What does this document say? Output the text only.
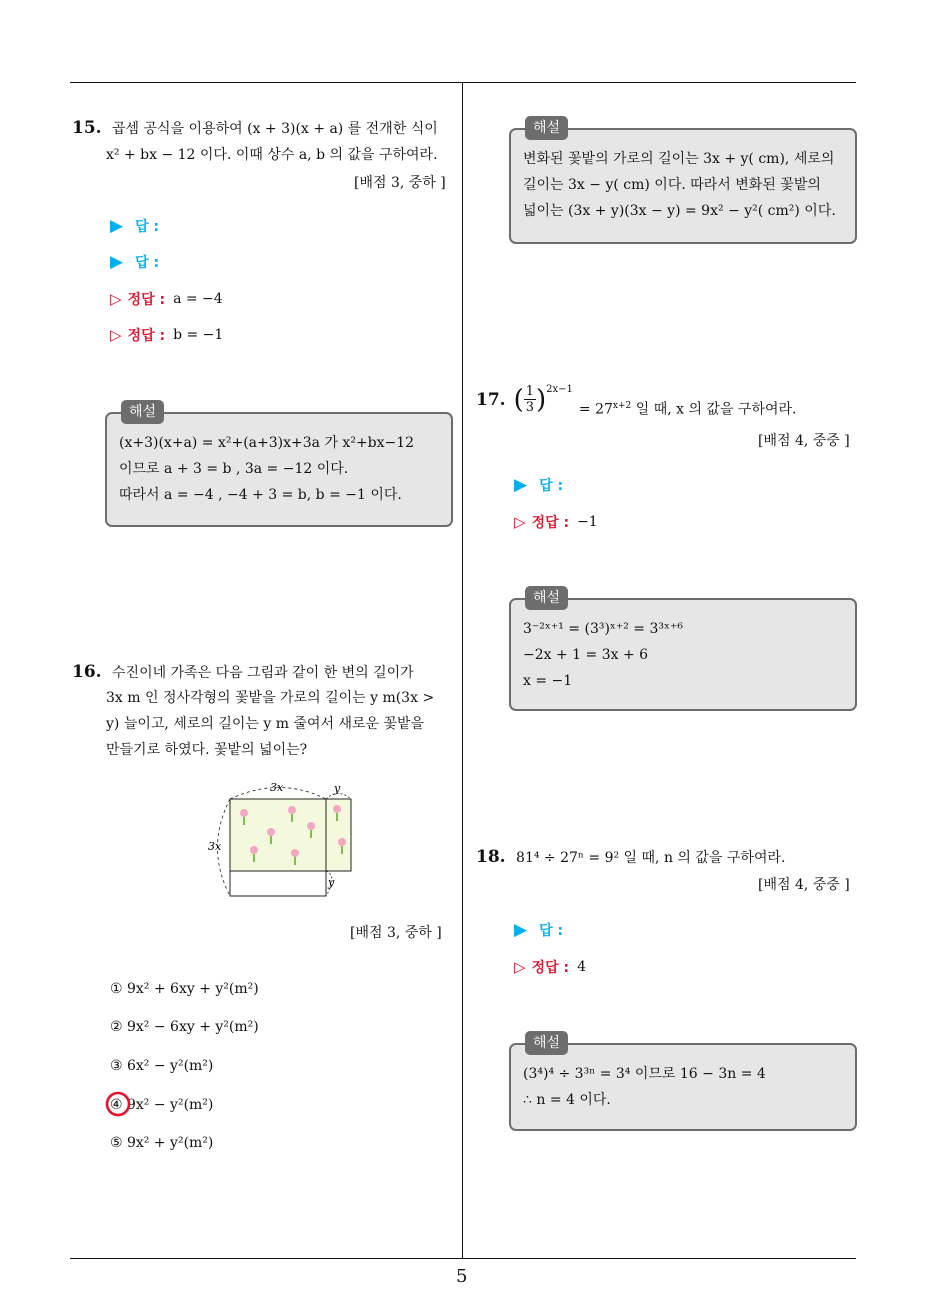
5
15. 곱셈 공식을 이용하여 (x + 3)(x + a) 를 전개한 식이
x² + bx − 12 이다. 이때 상수 a, b 의 값을 구하여라.
[배점 3, 중하 ]
▶ 답 :
▶ 답 :
▷ 정답 : a = −4
▷ 정답 : b = −1
해설
(x+3)(x+a) = x²+(a+3)x+3a 가 x²+bx−12
이므로 a + 3 = b , 3a = −12 이다.
따라서 a = −4 , −4 + 3 = b, b = −1 이다.
16. 수진이네 가족은 다음 그림과 같이 한 변의 길이가
3x m 인 정사각형의 꽃밭을 가로의 길이는 y m(3x >
y) 늘이고, 세로의 길이는 y m 줄여서 새로운 꽃밭을
만들기로 하였다. 꽃밭의 넓이는?
3x
3x
y
y
[배점 3, 중하 ]
① 9x² + 6xy + y²(m²)
② 9x² − 6xy + y²(m²)
③ 6x² − y²(m²)
④ 9x² − y²(m²)
⑤ 9x² + y²(m²)
해설
변화된 꽃밭의 가로의 길이는 3x + y( cm), 세로의
길이는 3x − y( cm) 이다. 따라서 변화된 꽃밭의
넓이는 (3x + y)(3x − y) = 9x² − y²( cm²) 이다.
17. ( $\frac{1}{3} )^{2x-1}$
= $27^{x+2}$ 일 때, x 의 값을 구하여라.
[배점 4, 중중 ]
▶ 답 :
▷ 정답 : −1
해설
3⁻²ˣ⁺¹ = (3³)ˣ⁺² = 3³ˣ⁺⁶
−2x + 1 = 3x + 6
x = −1
18. 81⁴ ÷ 27ⁿ = 9² 일 때, n 의 값을 구하여라.
[배점 4, 중중 ]
▶ 답 :
▷ 정답 : 4
해설
(3⁴)⁴ ÷ 3³ⁿ = 3⁴ 이므로 16 − 3n = 4
∴ n = 4 이다.
